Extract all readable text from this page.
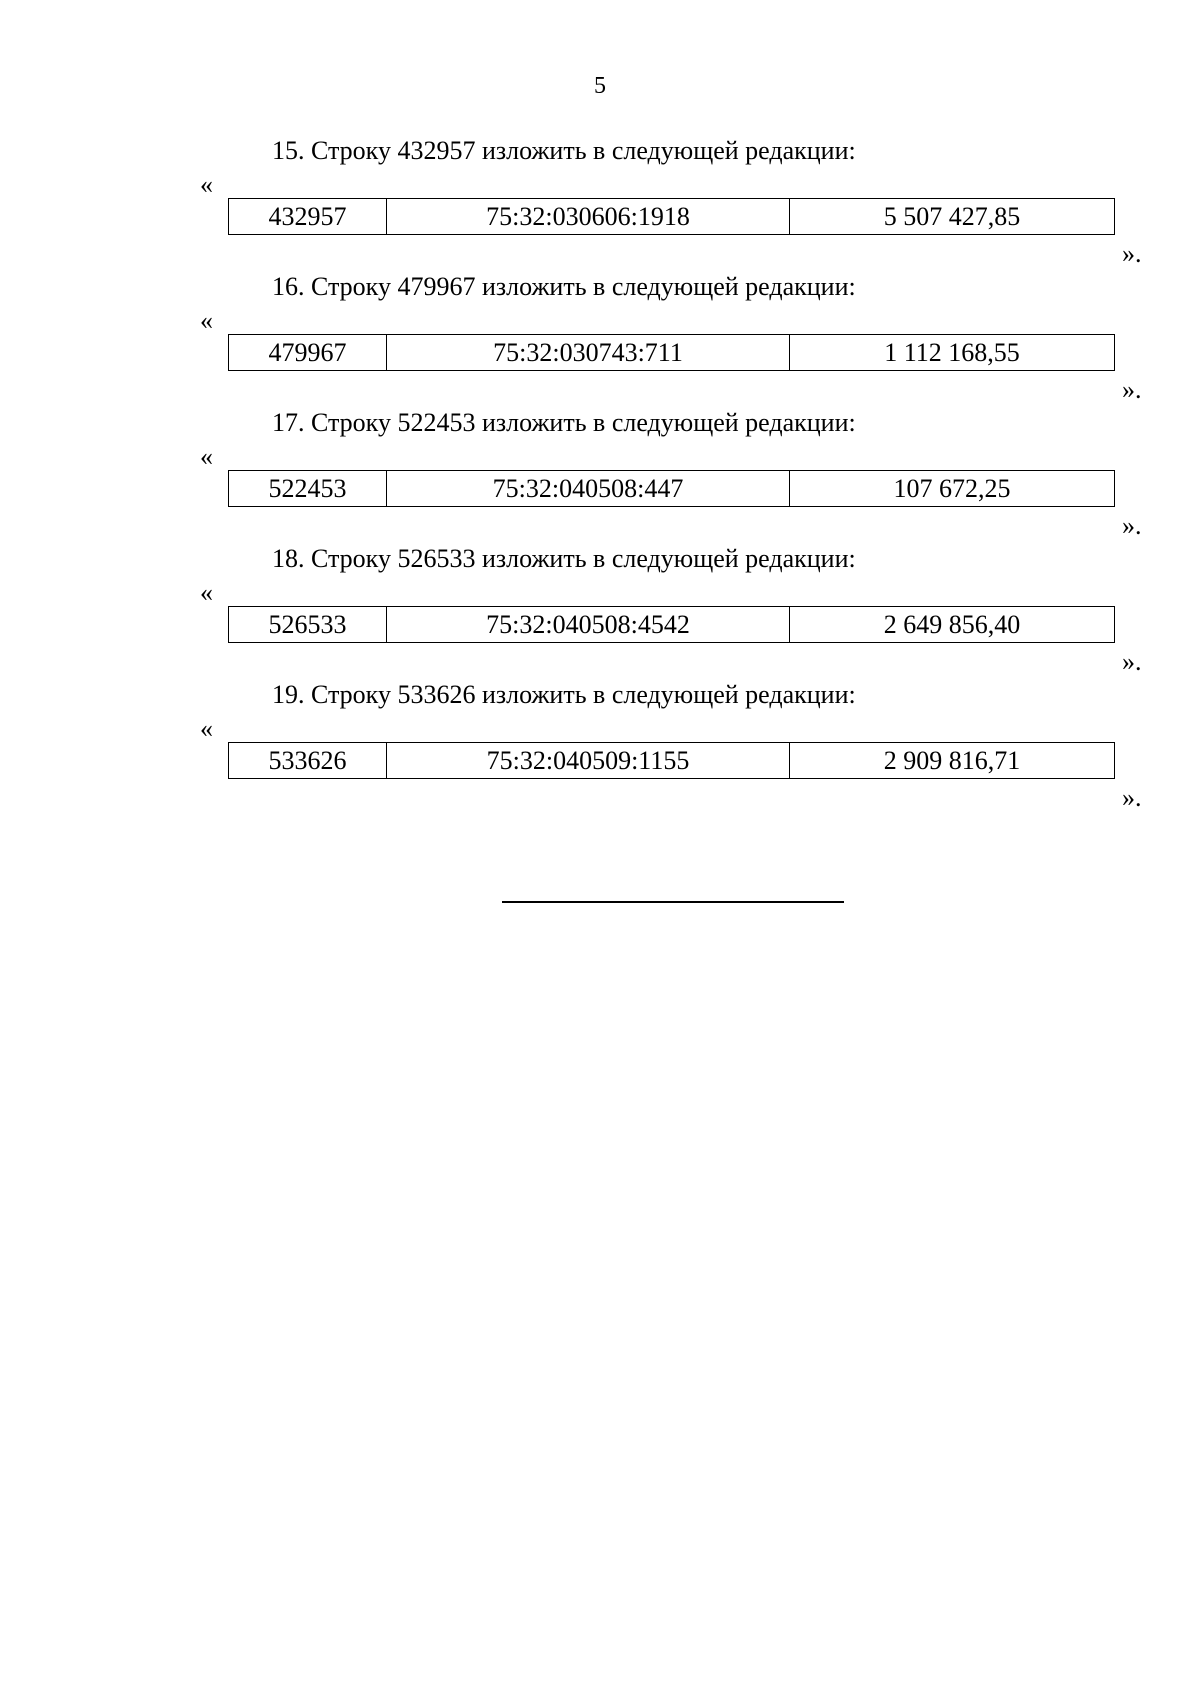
5
15. Строку 432957 изложить в следующей редакции:
«
432957	75:32:030606:1918	5 507 427,85
».
16. Строку 479967 изложить в следующей редакции:
«
479967	75:32:030743:711	1 112 168,55
».
17. Строку 522453 изложить в следующей редакции:
«
522453	75:32:040508:447	107 672,25
».
18. Строку 526533 изложить в следующей редакции:
«
526533	75:32:040508:4542	2 649 856,40
».
19. Строку 533626 изложить в следующей редакции:
«
533626	75:32:040509:1155	2 909 816,71
».
